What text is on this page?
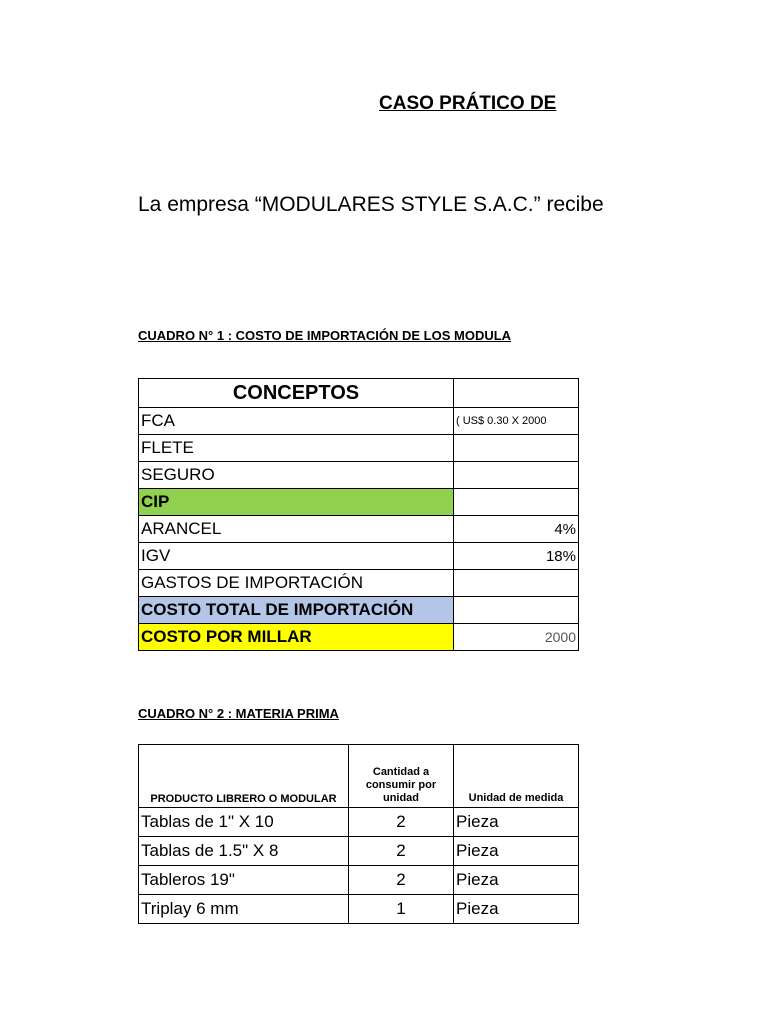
CASO PRÁTICO DE
La empresa “MODULARES STYLE S.A.C.” recibe
CUADRO N° 1 : COSTO DE IMPORTACIÓN DE LOS MODULA
CONCEPTOS	
FCA	( US$ 0.30 X 2000
FLETE	
SEGURO	
CIP	
ARANCEL	4%
IGV	18%
GASTOS DE IMPORTACIÓN	
COSTO TOTAL DE IMPORTACIÓN	
COSTO POR MILLAR	2000
CUADRO N° 2 : MATERIA PRIMA
PRODUCTO LIBRERO O MODULAR	Cantidad a consumir por unidad	Unidad de medida
Tablas de 1" X 10	2	Pieza
Tablas de 1.5" X 8	2	Pieza
Tableros 19"	2	Pieza
Triplay 6 mm	1	Pieza
